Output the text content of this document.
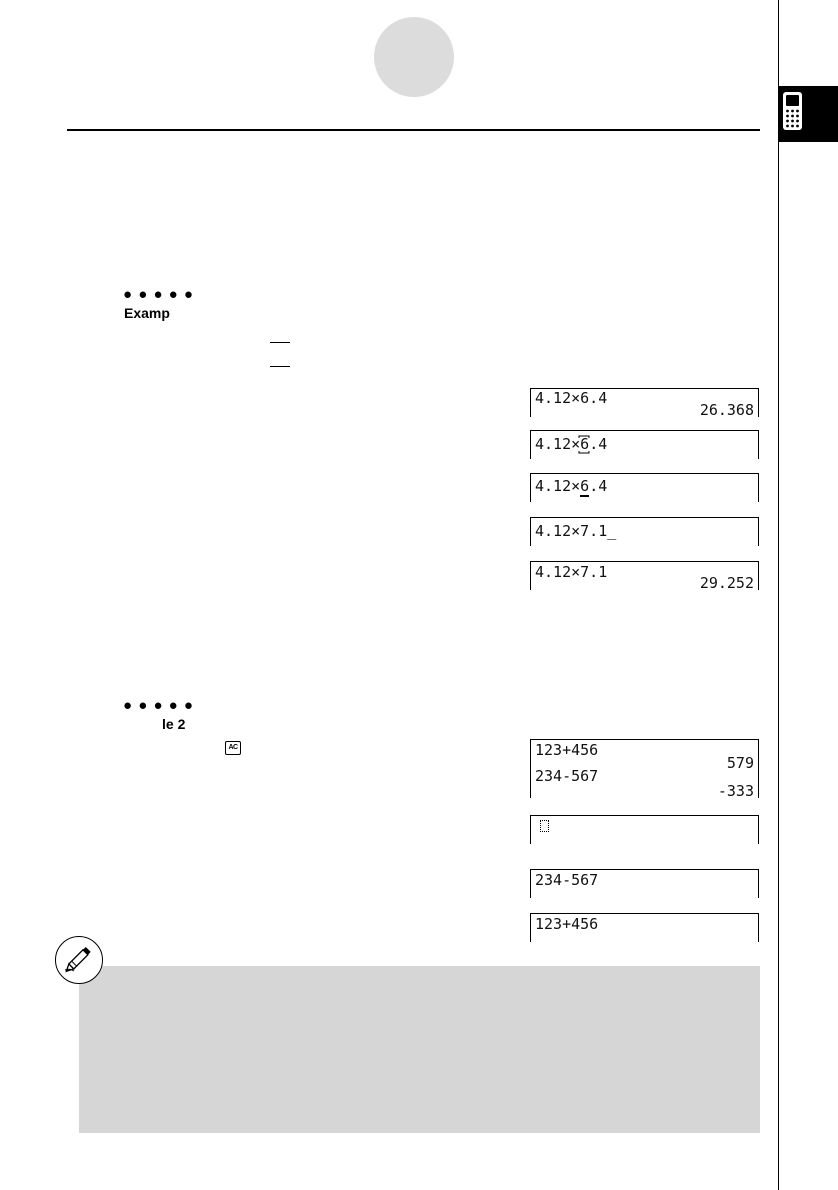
● ● ● ● ●
Examp
4.12×6.4
26.368
4.12×6
.4
4.12×6.4
4.12×7.1_
4.12×7.1
29.252
● ● ● ● ●
le 2
AC	123+456
579
234-567
-333
234-567
123+456
